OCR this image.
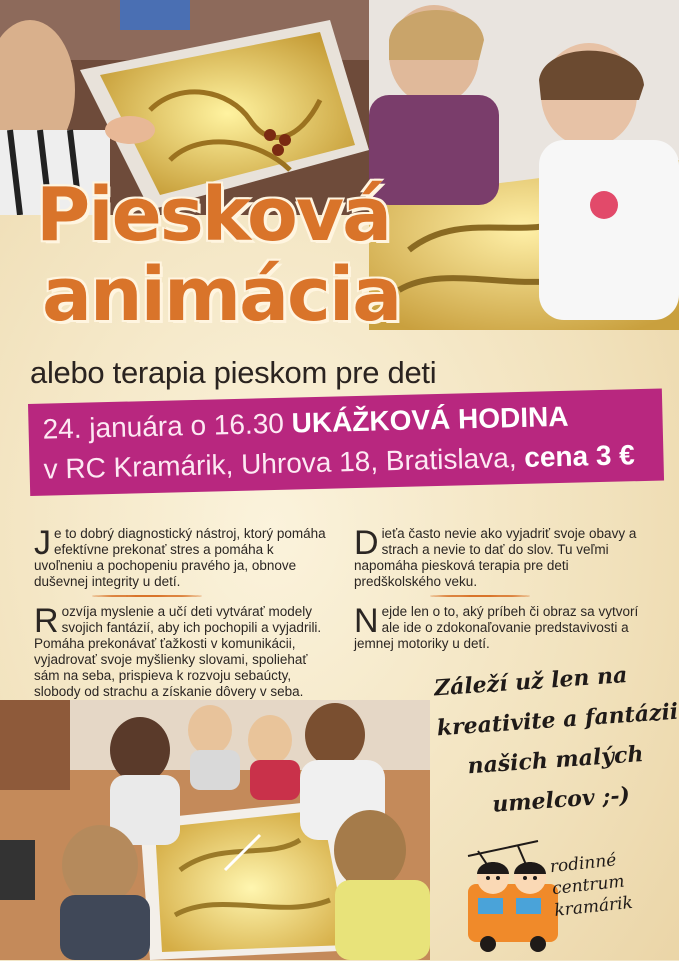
Piesková
animácia
alebo terapia pieskom pre deti
24. januára o 16.30 UKÁŽKOVÁ HODINA
v RC Kramárik, Uhrova 18, Bratislava, cena 3 €
Je to dobrý diagnostický nástroj, ktorý pomáha efektívne prekonať stres a pomáha k uvoľneniu a pochopeniu pravého ja, obnove duševnej integrity u detí.
Dieťa často nevie ako vyjadriť svoje obavy a strach a nevie to dať do slov. Tu veľmi napomáha piesková terapia pre deti predškolského veku.
Rozvíja myslenie a učí deti vytvárať modely svojich fantázií, aby ich pochopili a vyjadrili. Pomáha prekonávať ťažkosti v komunikácii, vyjadrovať svoje myšlienky slovami, spoliehať sám na seba, prispieva k rozvoju sebaúcty, slobody od strachu a získanie dôvery v seba.
Nejde len o to, aký príbeh či obraz sa vytvorí ale ide o zdokonaľovanie predstavivosti a jemnej motoriky u detí.
Záleží už len na
kreativite a fantázii
našich malých
umelcov ;-)
rodinné
centrum
kramárik
